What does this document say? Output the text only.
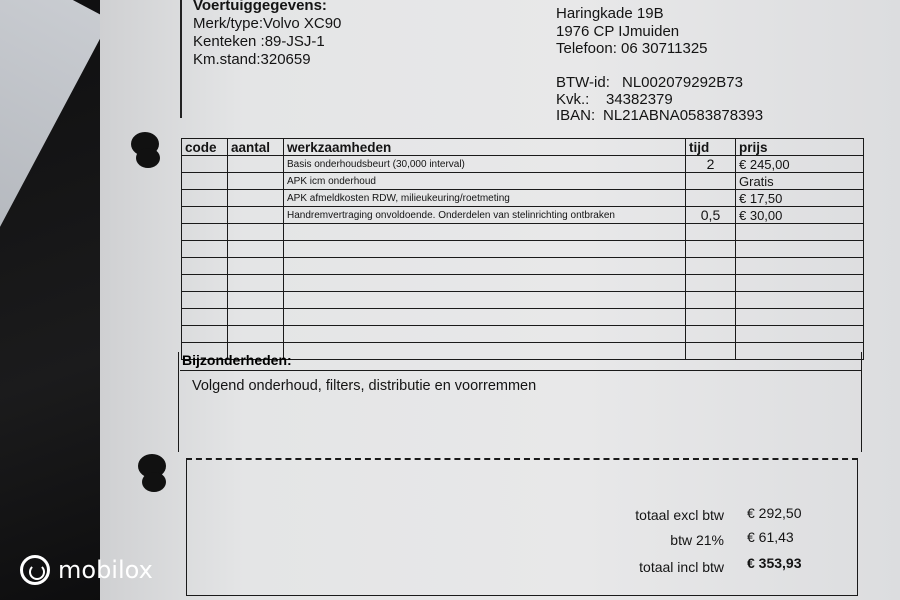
Voertuiggegevens:
Merk/type:Volvo XC90
Kenteken :89-JSJ-1
Km.stand:320659
Haringkade 19B
1976 CP IJmuiden
Telefoon: 06 30711325
BTW-id: NL002079292B73
Kvk.: 34382379
IBAN: NL21ABNA0583878393
code	aantal	werkzaamheden	tijd	prijs
		Basis onderhoudsbeurt (30,000 interval)	2	€ 245,00
		APK icm onderhoud		Gratis
		APK afmeldkosten RDW, milieukeuring/roetmeting		€ 17,50
		Handremvertraging onvoldoende. Onderdelen van stelinrichting ontbraken	0,5	€ 30,00

Bijzonderheden:
Volgend onderhoud, filters, distributie en voorremmen
totaal excl btw € 292,50
btw 21% € 61,43
totaal incl btw € 353,93
mobilox
